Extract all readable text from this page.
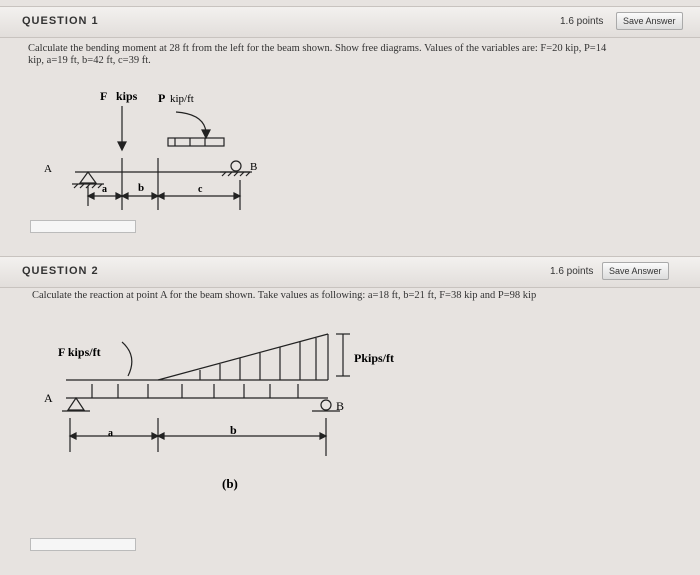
QUESTION 1	1.6 points	Save Answer
Calculate the bending moment at 28 ft from the left for the beam shown. Show free diagrams. Values of the variables are: F=20 kip, P=14
kip, a=19 ft, b=42 ft, c=39 ft.
F kips P kip/ft
A	B
a	b	c
QUESTION 2	1.6 points	Save Answer
Calculate the reaction at point A for the beam shown. Take values as following: a=18 ft, b=21 ft, F=38 kip and P=98 kip
F kips/ft	Pkips/ft
A
B
a	b
(b)
